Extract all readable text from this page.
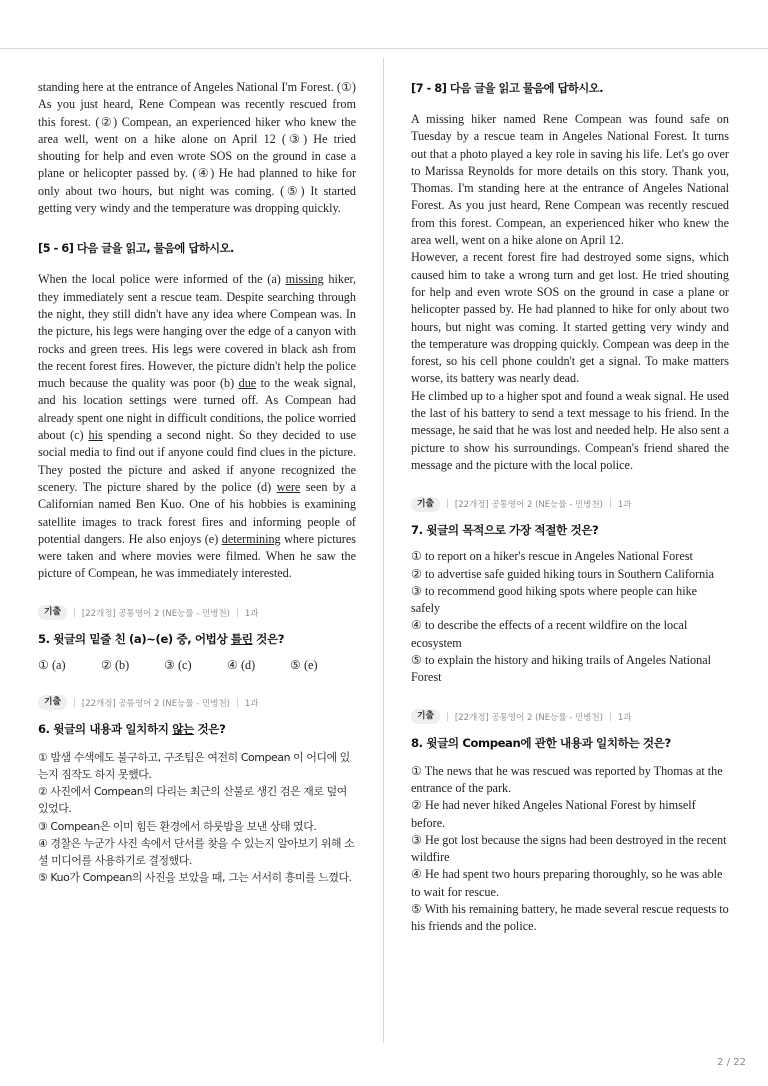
standing here at the entrance of Angeles National I'm Forest. (①) As you just heard, Rene Compean was recently rescued from this forest. (②) Compean, an experienced hiker who knew the area well, went on a hike alone on April 12 (③) He tried shouting for help and even wrote SOS on the ground in case a plane or helicopter passed by. (④) He had planned to hike for only about two hours, but night was coming. (⑤) It started getting very windy and the temperature was dropping quickly.

[5 - 6] 다음 글을 읽고, 물음에 답하시오.

When the local police were informed of the (a) missing hiker, they immediately sent a rescue team. Despite searching through the night, they still didn't have any idea where Compean was. In the picture, his legs were hanging over the edge of a canyon with rocks and green trees. His legs were covered in black ash from the recent forest fires. However, the picture didn't help the police much because the quality was poor (b) due to the weak signal, and his location settings were turned off. As Compean had already spent one night in difficult conditions, the police worried about (c) his spending a second night. So they decided to use social media to find out if anyone could find clues in the picture. They posted the picture and asked if anyone recognized the scenery. The picture shared by the police (d) were seen by a Californian named Ben Kuo. One of his hobbies is examining satellite images to track forest fires and informing people of potential dangers. He also enjoys (e) determining where pictures were taken and where movies were filmed. When he saw the picture of Compean, he was immediately interested.

기출	| [22개정] 공통영어 2 (NE능률 - 민병천) | 1과

5. 윗글의 밑줄 친 (a)~(e) 중, 어법상 틀린 것은?

① (a)	② (b)	③ (c)	④ (d)	⑤ (e)
기출	| [22개정] 공통영어 2 (NE능률 - 민병천) | 1과

6. 윗글의 내용과 일치하지 않는 것은?

① 밤샘 수색에도 불구하고, 구조팀은 여전히 Compean 이 어디에 있는지 짐작도 하지 못했다.

② 사진에서 Compean의 다리는 최근의 산불로 생긴 검은 재로 덮여 있었다.

③ Compean은 이미 힘든 환경에서 하룻밤을 보낸 상태 였다.

④ 경찰은 누군가 사진 속에서 단서를 찾을 수 있는지 알아보기 위해 소셜 미디어를 사용하기로 결정했다.

⑤ Kuo가 Compean의 사진을 보았을 때, 그는 서서히 흥미를 느꼈다.

[7 - 8] 다음 글을 읽고 물음에 답하시오.

A missing hiker named Rene Compean was found safe on Tuesday by a rescue team in Angeles National Forest. It turns out that a photo played a key role in saving his life. Let's go over to Marissa Reynolds for more details on this story. Thank you, Thomas. I'm standing here at the entrance of Angeles National Forest. As you just heard, Rene Compean was recently rescued from this forest. Compean, an experienced hiker who knew the area well, went on a hike alone on April 12.

However, a recent forest fire had destroyed some signs, which caused him to take a wrong turn and get lost. He tried shouting for help and even wrote SOS on the ground in case a plane or helicopter passed by. He had planned to hike for only about two hours, but night was coming. It started getting very windy and the temperature was dropping quickly. Compean was deep in the forest, so his cell phone couldn't get a signal. To make matters worse, its battery was nearly dead.

He climbed up to a higher spot and found a weak signal. He used the last of his battery to send a text message to his friend. In the message, he said that he was lost and needed help. He also sent a picture to show his surroundings. Compean's friend shared the message and the picture with the local police.

기출	| [22개정] 공통영어 2 (NE능률 - 민병천) | 1과

7. 윗글의 목적으로 가장 적절한 것은?

① to report on a hiker's rescue in Angeles National Forest

② to advertise safe guided hiking tours in Southern California

③ to recommend good hiking spots where people can hike safely

④ to describe the effects of a recent wildfire on the local ecosystem

⑤ to explain the history and hiking trails of Angeles National Forest

기출	| [22개정] 공통영어 2 (NE능률 - 민병천) | 1과

8. 윗글의 Compean에 관한 내용과 일치하는 것은?

① The news that he was rescued was reported by Thomas at the entrance of the park.

② He had never hiked Angeles National Forest by himself before.

③ He got lost because the signs had been destroyed in the recent wildfire

④ He had spent two hours preparing thoroughly, so he was able to wait for rescue.

⑤ With his remaining battery, he made several rescue requests to his friends and the police.

2 / 22
